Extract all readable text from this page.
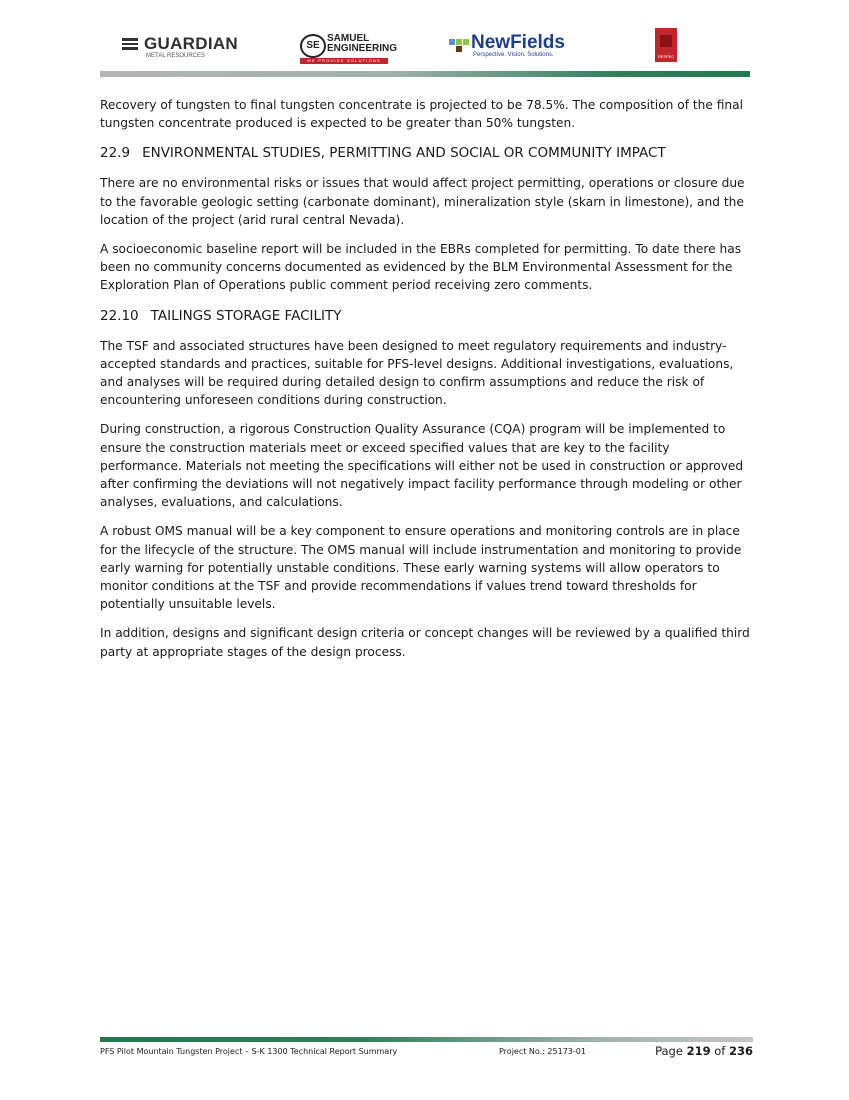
GUARDIAN
METAL RESOURCES
SE
SAMUEL
ENGINEERING
WE PROVIDE SOLUTIONS
NewFields
Perspective. Vision. Solutions.	RESPEC

Recovery of tungsten to final tungsten concentrate is projected to be 78.5%. The composition of the final tungsten concentrate produced is expected to be greater than 50% tungsten.

22.9 ENVIRONMENTAL STUDIES, PERMITTING AND SOCIAL OR COMMUNITY IMPACT

There are no environmental risks or issues that would affect project permitting, operations or closure due to the favorable geologic setting (carbonate dominant), mineralization style (skarn in limestone), and the location of the project (arid rural central Nevada).

A socioeconomic baseline report will be included in the EBRs completed for permitting. To date there has been no community concerns documented as evidenced by the BLM Environmental Assessment for the Exploration Plan of Operations public comment period receiving zero comments.

22.10 TAILINGS STORAGE FACILITY

The TSF and associated structures have been designed to meet regulatory requirements and industry-accepted standards and practices, suitable for PFS-level designs. Additional investigations, evaluations, and analyses will be required during detailed design to confirm assumptions and reduce the risk of encountering unforeseen conditions during construction.

During construction, a rigorous Construction Quality Assurance (CQA) program will be implemented to ensure the construction materials meet or exceed specified values that are key to the facility performance. Materials not meeting the specifications will either not be used in construction or approved after confirming the deviations will not negatively impact facility performance through modeling or other analyses, evaluations, and calculations.

A robust OMS manual will be a key component to ensure operations and monitoring controls are in place for the lifecycle of the structure. The OMS manual will include instrumentation and monitoring to provide early warning for potentially unstable conditions. These early warning systems will allow operators to monitor conditions at the TSF and provide recommendations if values trend toward thresholds for potentially unsuitable levels.

In addition, designs and significant design criteria or concept changes will be reviewed by a qualified third party at appropriate stages of the design process.

PFS Pilot Mountain Tungsten Project – S-K 1300 Technical Report Summary	Project No.: 25173-01	Page 219 of 236
